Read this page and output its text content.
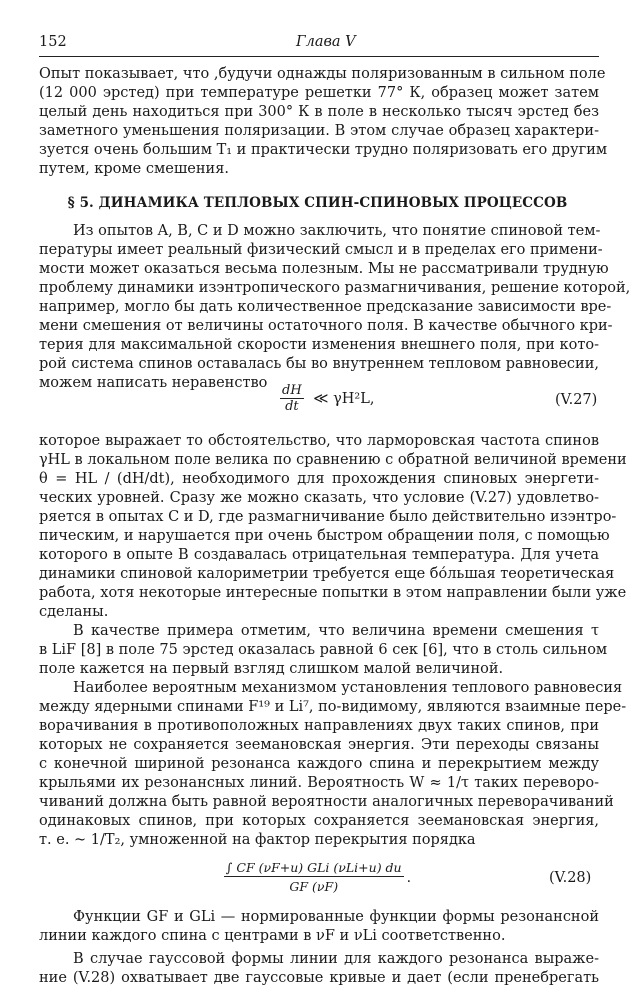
152	Глава V
Опыт показывает, что ,будучи однажды поляризованным в сильном поле
(12 000 эрстед) при температуре решетки 77° К, образец может затем
целый день находиться при 300° К в поле в несколько тысяч эрстед без
заметного уменьшения поляризации. В этом случае образец характери-
зуется очень большим T₁ и практически трудно поляризовать его другим
путем, кроме смешения.
§ 5. ДИНАМИКА ТЕПЛОВЫХ СПИН-СПИНОВЫХ ПРОЦЕССОВ
Из опытов A, B, C и D можно заключить, что понятие спиновой тем-
пературы имеет реальный физический смысл и в пределах его примени-
мости может оказаться весьма полезным. Мы не рассматривали трудную
проблему динамики изэнтропического размагничивания, решение которой,
например, могло бы дать количественное предсказание зависимости вре-
мени смешения от величины остаточного поля. В качестве обычного кри-
терия для максимальной скорости изменения внешнего поля, при кото-
рой система спинов оставалась бы во внутреннем тепловом равновесии,
можем написать неравенство $\frac{dH}{dt}$ ≪ γH²L,	(V.27)
которое выражает то обстоятельство, что ларморовская частота спинов
γHL в локальном поле велика по сравнению с обратной величиной времени
θ = HL / (dH/dt), необходимого для прохождения спиновых энергети-
ческих уровней. Сразу же можно сказать, что условие (V.27) удовлетво-
ряется в опытах C и D, где размагничивание было действительно изэнтро-
пическим, и нарушается при очень быстром обращении поля, с помощью
которого в опыте B создавалась отрицательная температура. Для учета
динамики спиновой калориметрии требуется еще бо́льшая теоретическая
работа, хотя некоторые интересные попытки в этом направлении были уже
сделаны.
В качестве примера отметим, что величина времени смешения τ
в LiF [8] в поле 75 эрстед оказалась равной 6 сек [6], что в столь сильном
поле кажется на первый взгляд слишком малой величиной.
Наиболее вероятным механизмом установления теплового равновесия
между ядерными спинами F¹⁹ и Li⁷, по-видимому, являются взаимные пере-
ворачивания в противоположных направлениях двух таких спинов, при
которых не сохраняется зеемановская энергия. Эти переходы связаны
с конечной шириной резонанса каждого спина и перекрытием между
крыльями их резонансных линий. Вероятность W ≈ 1/τ таких переворо-
чиваний должна быть равной вероятности аналогичных переворачиваний
одинаковых спинов, при которых сохраняется зеемановская энергия,
т. е. ~ 1/T₂, умноженной на фактор перекрытия порядка
$\frac{\text{∫ CF (νF+u) GLi (νLi+u) du}}{GF (\nu F)}$ .	(V.28)
Функции GF и GLi — нормированные функции формы резонансной
линии каждого спина с центрами в νF и νLi соответственно.
В случае гауссовой формы линии для каждого резонанса выраже-
ние (V.28) охватывает две гауссовые кривые и дает (если пренебрегать
